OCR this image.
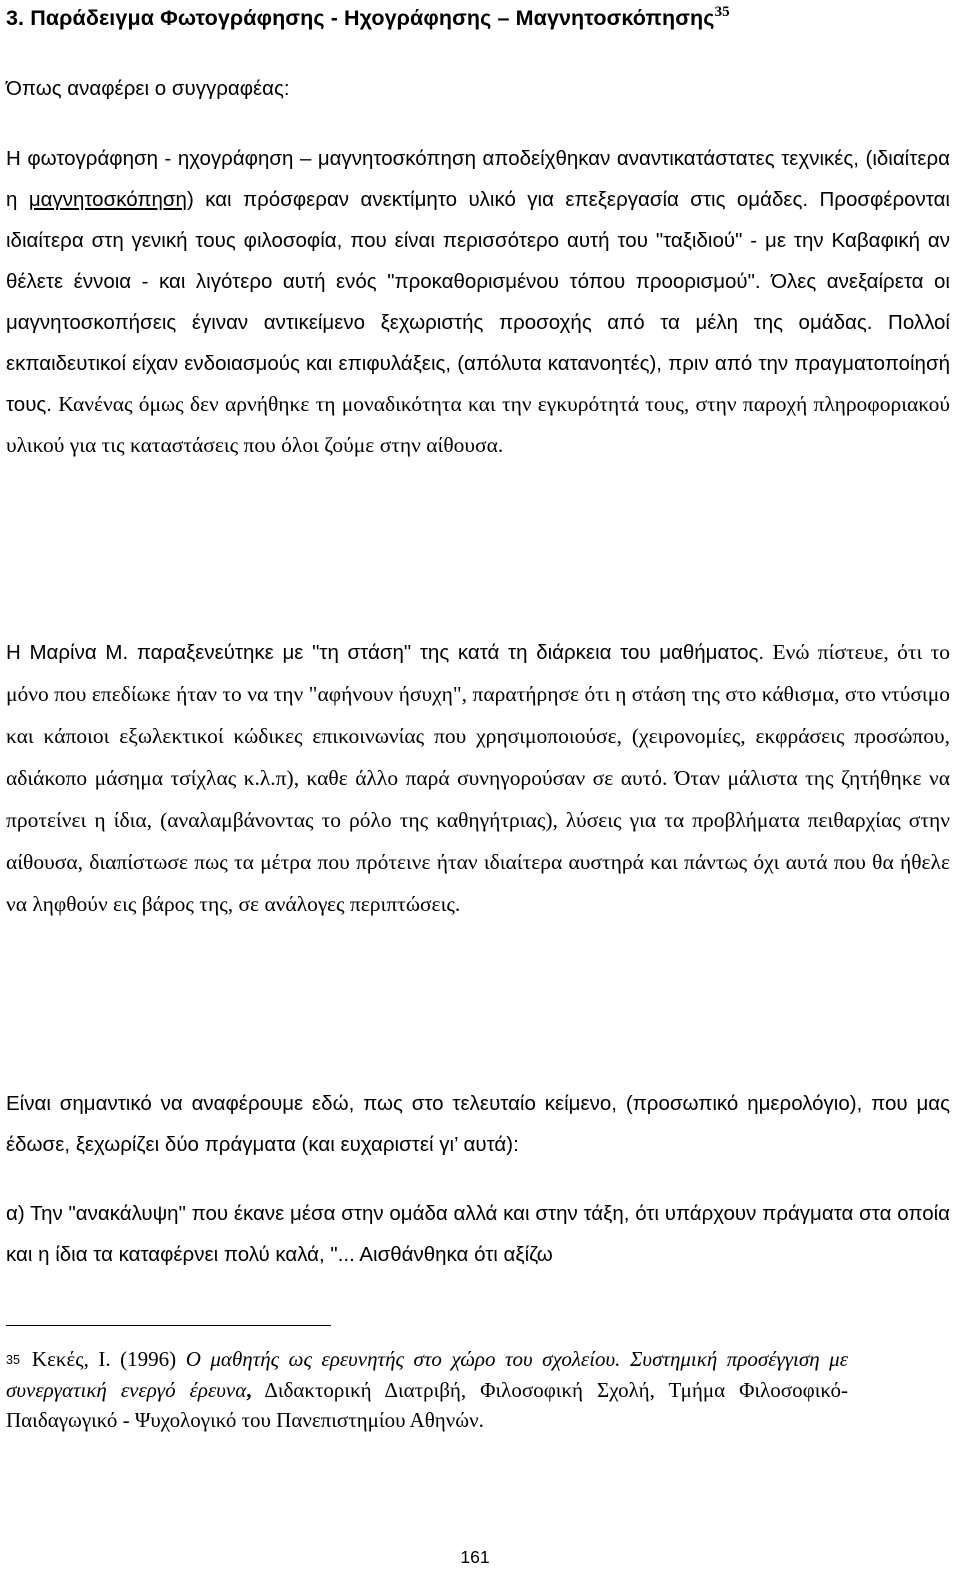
3. Παράδειγμα Φωτογράφησης - Ηχογράφησης – Μαγνητοσκόπησης$^{35}$
Όπως αναφέρει ο συγγραφέας:
Η φωτογράφηση - ηχογράφηση – μαγνητοσκόπηση αποδείχθηκαν αναντικατάστατες τεχνικές, (ιδιαίτερα η μαγνητοσκόπηση) και πρόσφεραν ανεκτίμητο υλικό για επεξεργασία στις ομάδες. Προσφέρονται ιδιαίτερα στη γενική τους φιλοσοφία, που είναι περισσότερο αυτή του "ταξιδιού" - με την Καβαφική αν θέλετε έννοια - και λιγότερο αυτή ενός "προκαθορισμένου τόπου προορισμού". Όλες ανεξαίρετα οι μαγνητοσκοπήσεις έγιναν αντικείμενο ξεχωριστής προσοχής από τα μέλη της ομάδας. Πολλοί εκπαιδευτικοί είχαν ενδοιασμούς και επιφυλάξεις, (απόλυτα κατανοητές), πριν από την πραγματοποίησή τους. Κανένας όμως δεν αρνήθηκε τη μοναδικότητα και την εγκυρότητά τους, στην παροχή πληροφοριακού υλικού για τις καταστάσεις που όλοι ζούμε στην αίθουσα.
Η Μαρίνα Μ. παραξενεύτηκε με "τη στάση" της κατά τη διάρκεια του μαθήματος. Ενώ πίστευε, ότι το μόνο που επεδίωκε ήταν το να την "αφήνουν ήσυχη", παρατήρησε ότι η στάση της στο κάθισμα, στο ντύσιμο και κάποιοι εξωλεκτικοί κώδικες επικοινωνίας που χρησιμοποιούσε, (χειρονομίες, εκφράσεις προσώπου, αδιάκοπο μάσημα τσίχλας κ.λ.π), καθε άλλο παρά συνηγορούσαν σε αυτό. Όταν μάλιστα της ζητήθηκε να προτείνει η ίδια, (αναλαμβάνοντας το ρόλο της καθηγήτριας), λύσεις για τα προβλήματα πειθαρχίας στην αίθουσα, διαπίστωσε πως τα μέτρα που πρότεινε ήταν ιδιαίτερα αυστηρά και πάντως όχι αυτά που θα ήθελε να ληφθούν εις βάρος της, σε ανάλογες περιπτώσεις.
Είναι σημαντικό να αναφέρουμε εδώ, πως στο τελευταίο κείμενο, (προσωπικό ημερολόγιο), που μας έδωσε, ξεχωρίζει δύο πράγματα (και ευχαριστεί γι’ αυτά):
α) Την "ανακάλυψη" που έκανε μέσα στην ομάδα αλλά και στην τάξη, ότι υπάρχουν πράγματα στα οποία και η ίδια τα καταφέρνει πολύ καλά, "... Αισθάνθηκα ότι αξίζω
35 Κεκές, Ι. (1996) Ο μαθητής ως ερευνητής στο χώρο του σχολείου. Συστημική προσέγγιση με συνεργατική ενεργό έρευνα, Διδακτορική Διατριβή, Φιλοσοφική Σχολή, Τμήμα Φιλοσοφικό- Παιδαγωγικό - Ψυχολογικό του Πανεπιστημίου Αθηνών.
161
